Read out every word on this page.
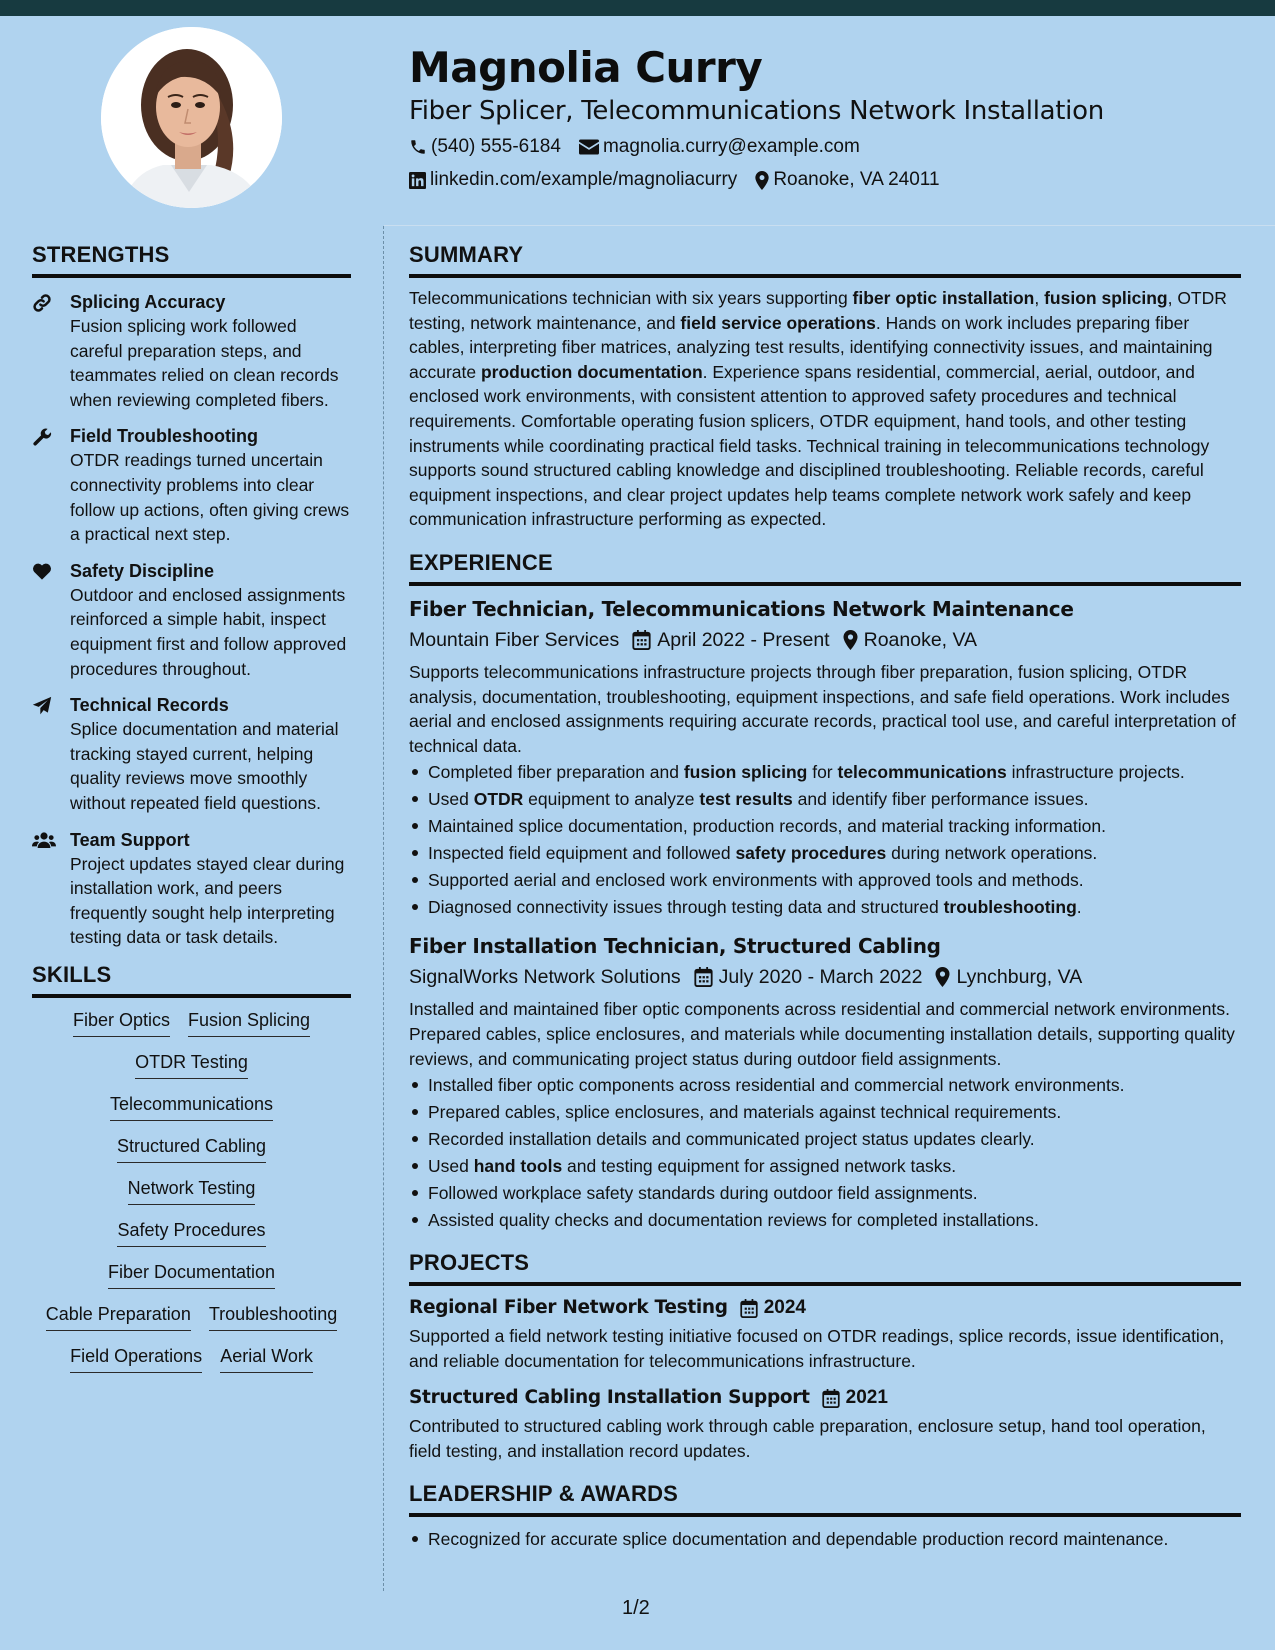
Magnolia Curry
Fiber Splicer, Telecommunications Network Installation
(540) 555-6184 magnolia.curry@example.com
linkedin.com/example/magnoliacurry Roanoke, VA 24011
STRENGTHS
Splicing Accuracy
Fusion splicing work followed careful preparation steps, and teammates relied on clean records when reviewing completed fibers.
Field Troubleshooting
OTDR readings turned uncertain connectivity problems into clear follow up actions, often giving crews a practical next step.
Safety Discipline
Outdoor and enclosed assignments reinforced a simple habit, inspect equipment first and follow approved procedures throughout.
Technical Records
Splice documentation and material tracking stayed current, helping quality reviews move smoothly without repeated field questions.
Team Support
Project updates stayed clear during installation work, and peers frequently sought help interpreting testing data or task details.
SKILLS
Fiber Optics Fusion Splicing
OTDR Testing
Telecommunications
Structured Cabling
Network Testing
Safety Procedures
Fiber Documentation
Cable Preparation Troubleshooting
Field Operations Aerial Work
SUMMARY
Telecommunications technician with six years supporting fiber optic installation, fusion splicing, OTDR testing, network maintenance, and field service operations. Hands on work includes preparing fiber cables, interpreting fiber matrices, analyzing test results, identifying connectivity issues, and maintaining accurate production documentation. Experience spans residential, commercial, aerial, outdoor, and enclosed work environments, with consistent attention to approved safety procedures and technical requirements. Comfortable operating fusion splicers, OTDR equipment, hand tools, and other testing instruments while coordinating practical field tasks. Technical training in telecommunications technology supports sound structured cabling knowledge and disciplined troubleshooting. Reliable records, careful equipment inspections, and clear project updates help teams complete network work safely and keep communication infrastructure performing as expected.
EXPERIENCE
Fiber Technician, Telecommunications Network Maintenance
Mountain Fiber Services April 2022 - Present Roanoke, VA
Supports telecommunications infrastructure projects through fiber preparation, fusion splicing, OTDR analysis, documentation, troubleshooting, equipment inspections, and safe field operations. Work includes aerial and enclosed assignments requiring accurate records, practical tool use, and careful interpretation of technical data.
Completed fiber preparation and fusion splicing for telecommunications infrastructure projects.
Used OTDR equipment to analyze test results and identify fiber performance issues.
Maintained splice documentation, production records, and material tracking information.
Inspected field equipment and followed safety procedures during network operations.
Supported aerial and enclosed work environments with approved tools and methods.
Diagnosed connectivity issues through testing data and structured troubleshooting.
Fiber Installation Technician, Structured Cabling
SignalWorks Network Solutions July 2020 - March 2022 Lynchburg, VA
Installed and maintained fiber optic components across residential and commercial network environments. Prepared cables, splice enclosures, and materials while documenting installation details, supporting quality reviews, and communicating project status during outdoor field assignments.
Installed fiber optic components across residential and commercial network environments.
Prepared cables, splice enclosures, and materials against technical requirements.
Recorded installation details and communicated project status updates clearly.
Used hand tools and testing equipment for assigned network tasks.
Followed workplace safety standards during outdoor field assignments.
Assisted quality checks and documentation reviews for completed installations.
PROJECTS
Regional Fiber Network Testing 2024
Supported a field network testing initiative focused on OTDR readings, splice records, issue identification, and reliable documentation for telecommunications infrastructure.
Structured Cabling Installation Support 2021
Contributed to structured cabling work through cable preparation, enclosure setup, hand tool operation, field testing, and installation record updates.
LEADERSHIP & AWARDS
Recognized for accurate splice documentation and dependable production record maintenance.
1/2
